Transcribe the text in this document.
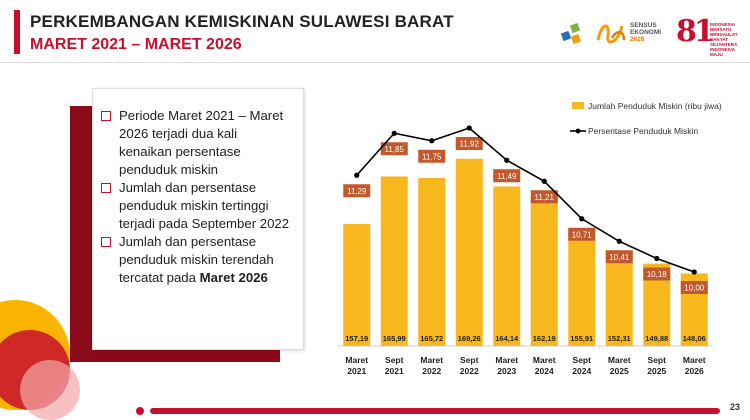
PERKEMBANGAN KEMISKINAN SULAWESI BARAT
MARET 2021 – MARET 2026
SENSUS
EKONOMI
2026	81
INDONESIA BERSATU BERDAULAT RAKYAT SEJAHTERA INDONESIA MAJU
Periode Maret 2021 – Maret 2026 terjadi dua kali kenaikan persentase penduduk miskin
Jumlah dan persentase penduduk miskin tertinggi terjadi pada September 2022
Jumlah dan persentase penduduk miskin terendah tercatat pada Maret 2026
157,19 165,99 165,72 169,26 164,14 162,19 155,91 152,31 149,88 148,06
11,29
11,85
11,75
11,92
11,49
11,21
10,71
10,41
10,18
10,00
Maret
2021
Sept
2021
Maret
2022
Sept
2022
Maret
2023
Maret
2024
Sept
2024
Maret
2025
Sept
2025
Maret
2026
Jumlah Penduduk Miskin (ribu jiwa)
Persentase Penduduk Miskin
23
